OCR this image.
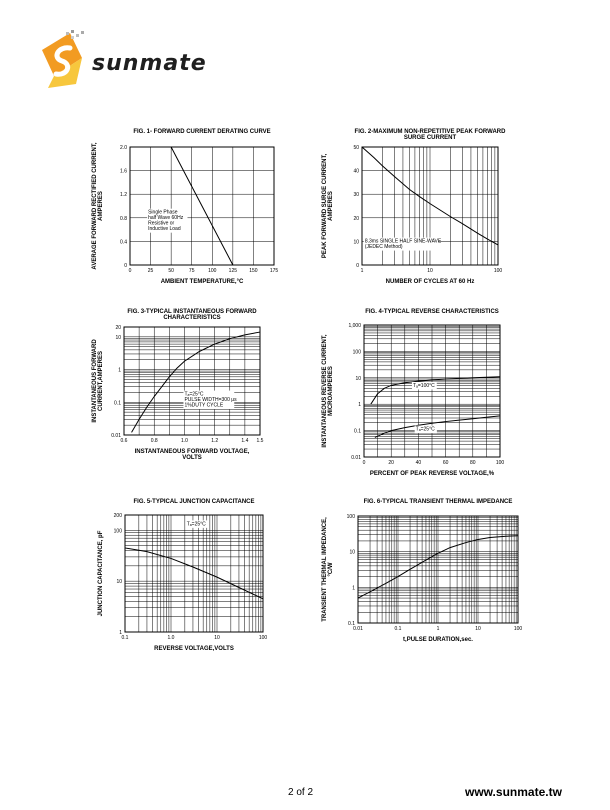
sunmate
FIG. 1- FORWARD CURRENT DERATING CURVE
0	25	50	75	100 125 150 175
0
0.4
0.8
1.2
1.6
2.0
AMBIENT TEMPERATURE,°C
AVERAGE FORWARD RECTIFIED CURRENT, AMPERES	Single Phase
half Wave 60Hz
Resistive or
Inductive Load
FIG. 2-MAXIMUM NON-REPETITIVE PEAK FORWARD
SURGE CURRENT
1	10	100
0
10
20
30
40
50
NUMBER OF CYCLES AT 60 Hz
PEAK FORWARD SURGE CURRENT, AMPERES
8.3ms SINGLE HALF SINE-WAVE
(JEDEC Method)
FIG. 3-TYPICAL INSTANTANEOUS FORWARD
CHARACTERISTICS
0.6	0.8	1.0	1.2	1.4 1.5
0.01
0.1
1
10
20
INSTANTANEOUS FORWARD VOLTAGE,
VOLTS
INSTANTANEOUS FORWARD CURRENT,AMPERES	Tₐ=25°C
PULSE WIDTH=300 μs
1%DUTY CYCLE
FIG. 4-TYPICAL REVERSE CHARACTERISTICS
0	20	40	60	80	100
0.01
0.1
1
10
100
1,000
PERCENT OF PEAK REVERSE VOLTAGE,%
INSTANTANEOUS REVERSE CURRENT, MICROAMPERES	Tₐ=100°C
Tₐ=25°C
FIG. 5-TYPICAL JUNCTION CAPACITANCE
0.1	1.0	10	100
1
10
100
200
REVERSE VOLTAGE,VOLTS
JUNCTION CAPACITANCE, pF
Tₐ=25°C
FIG. 6-TYPICAL TRANSIENT THERMAL IMPEDANCE
0.01	0.1	1	10	100
0.1
1
10
100
t,PULSE DURATION,sec.
TRANSIENT THERMAL IMPEDANCE, °C/W
2 of 2	www.sunmate.tw
